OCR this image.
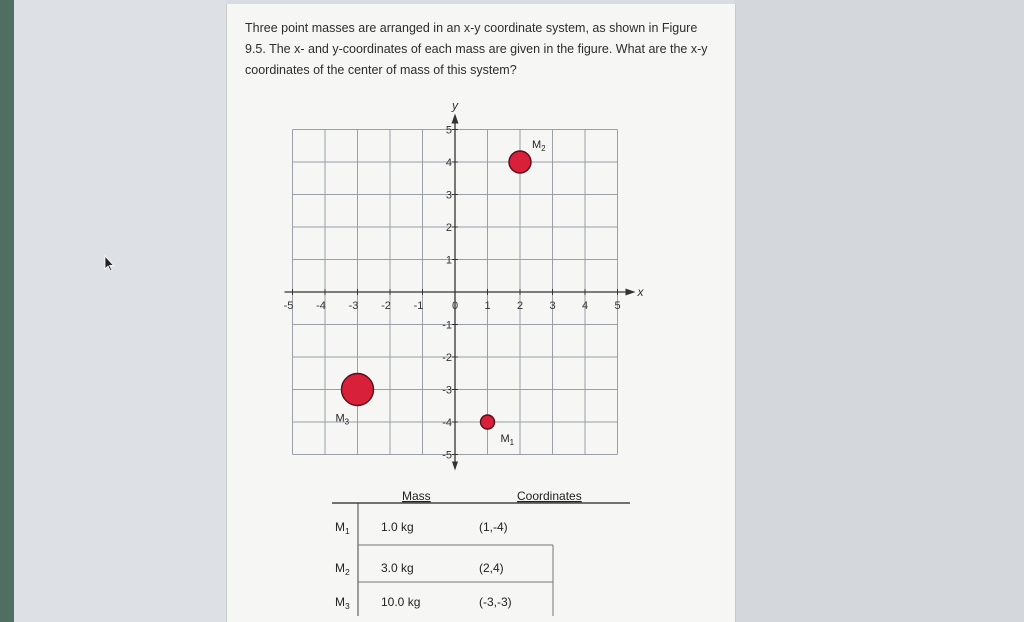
Three point masses are arranged in an x-y coordinate system, as shown in Figure 9.5. The x- and y-coordinates of each mass are given in the figure. What are the x-y coordinates of the center of mass of this system?

x
y
-5 -4 -3 -2 -1	0 1 2 3 4 5
5
4
3
2
1
-1
-2
-3
-4
-5
$M_1$
$M_2$
$M_3$
Mass	Coordinates
$M_1$	1.0 kg	(1,-4)
$M_2$	3.0 kg	(2,4)
$M_3$	10.0 kg	(-3,-3)
